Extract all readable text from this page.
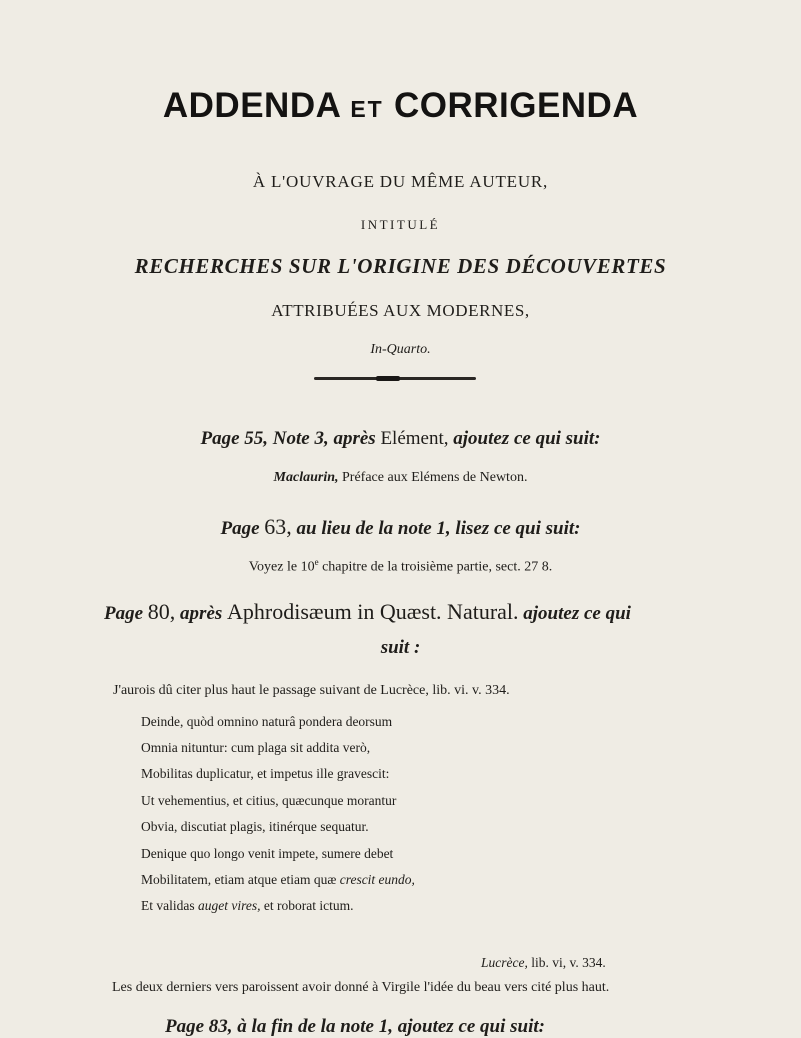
ADDENDA ET CORRIGENDA
À L'OUVRAGE DU MÊME AUTEUR,
INTITULÉ
RECHERCHES SUR L'ORIGINE DES DÉCOUVERTES
ATTRIBUÉES AUX MODERNES,
In-Quarto.
Page 55, Note 3, après Elément, ajoutez ce qui suit:
Maclaurin, Préface aux Elémens de Newton.
Page 63, au lieu de la note 1, lisez ce qui suit:
Voyez le 10e chapitre de la troisième partie, sect. 27 8.
Page 80, après Aphrodisæum in Quæst. Natural. ajoutez ce qui
suit :
J'aurois dû citer plus haut le passage suivant de Lucrèce, lib. vi. v. 334.
Deinde, quòd omnino naturâ pondera deorsum
Omnia nituntur: cum plaga sit addita verò,
Mobilitas duplicatur, et impetus ille gravescit:
Ut vehementius, et citius, quæcunque morantur
Obvia, discutiat plagis, itinérque sequatur.
Denique quo longo venit impete, sumere debet
Mobilitatem, etiam atque etiam quæ crescit eundo,
Et validas auget vires, et roborat ictum.
Lucrèce, lib. vi, v. 334.
Les deux derniers vers paroissent avoir donné à Virgile l'idée du beau vers cité plus haut.
Page 83, à la fin de la note 1, ajoutez ce qui suit:
